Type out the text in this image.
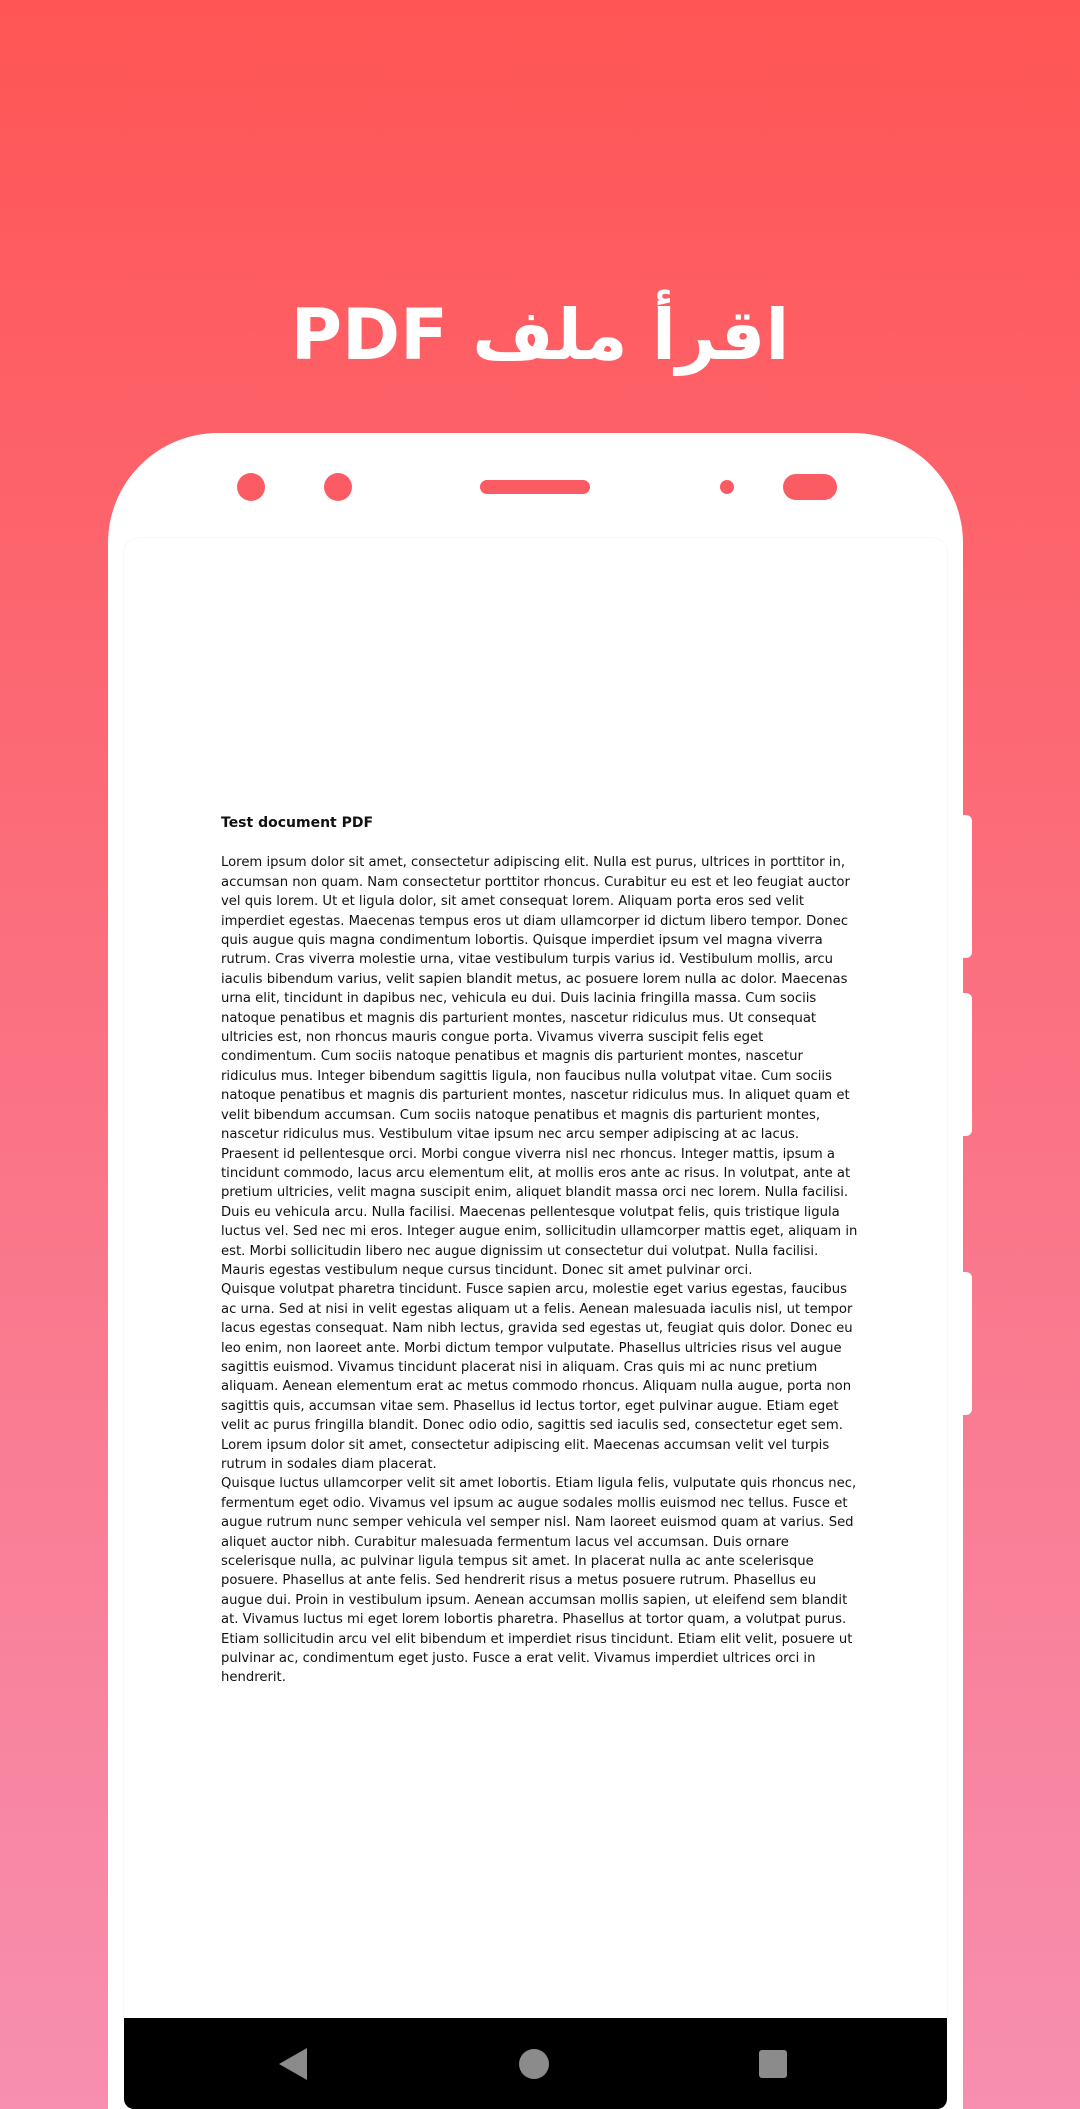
اقرأ ملف PDF
Test document PDF

Lorem ipsum dolor sit amet, consectetur adipiscing elit. Nulla est purus, ultrices in porttitor in, accumsan non quam. Nam consectetur porttitor rhoncus. Curabitur eu est et leo feugiat auctor vel quis lorem. Ut et ligula dolor, sit amet consequat lorem. Aliquam porta eros sed velit imperdiet egestas. Maecenas tempus eros ut diam ullamcorper id dictum libero tempor. Donec quis augue quis magna condimentum lobortis. Quisque imperdiet ipsum vel magna viverra rutrum. Cras viverra molestie urna, vitae vestibulum turpis varius id. Vestibulum mollis, arcu iaculis bibendum varius, velit sapien blandit metus, ac posuere lorem nulla ac dolor. Maecenas urna elit, tincidunt in dapibus nec, vehicula eu dui. Duis lacinia fringilla massa. Cum sociis natoque penatibus et magnis dis parturient montes, nascetur ridiculus mus. Ut consequat ultricies est, non rhoncus mauris congue porta. Vivamus viverra suscipit felis eget condimentum. Cum sociis natoque penatibus et magnis dis parturient montes, nascetur ridiculus mus. Integer bibendum sagittis ligula, non faucibus nulla volutpat vitae. Cum sociis natoque penatibus et magnis dis parturient montes, nascetur ridiculus mus. In aliquet quam et velit bibendum accumsan. Cum sociis natoque penatibus et magnis dis parturient montes, nascetur ridiculus mus. Vestibulum vitae ipsum nec arcu semper adipiscing at ac lacus. Praesent id pellentesque orci. Morbi congue viverra nisl nec rhoncus. Integer mattis, ipsum a tincidunt commodo, lacus arcu elementum elit, at mollis eros ante ac risus. In volutpat, ante at pretium ultricies, velit magna suscipit enim, aliquet blandit massa orci nec lorem. Nulla facilisi. Duis eu vehicula arcu. Nulla facilisi. Maecenas pellentesque volutpat felis, quis tristique ligula luctus vel. Sed nec mi eros. Integer augue enim, sollicitudin ullamcorper mattis eget, aliquam in est. Morbi sollicitudin libero nec augue dignissim ut consectetur dui volutpat. Nulla facilisi. Mauris egestas vestibulum neque cursus tincidunt. Donec sit amet pulvinar orci.

Quisque volutpat pharetra tincidunt. Fusce sapien arcu, molestie eget varius egestas, faucibus ac urna. Sed at nisi in velit egestas aliquam ut a felis. Aenean malesuada iaculis nisl, ut tempor lacus egestas consequat. Nam nibh lectus, gravida sed egestas ut, feugiat quis dolor. Donec eu leo enim, non laoreet ante. Morbi dictum tempor vulputate. Phasellus ultricies risus vel augue sagittis euismod. Vivamus tincidunt placerat nisi in aliquam. Cras quis mi ac nunc pretium aliquam. Aenean elementum erat ac metus commodo rhoncus. Aliquam nulla augue, porta non sagittis quis, accumsan vitae sem. Phasellus id lectus tortor, eget pulvinar augue. Etiam eget velit ac purus fringilla blandit. Donec odio odio, sagittis sed iaculis sed, consectetur eget sem. Lorem ipsum dolor sit amet, consectetur adipiscing elit. Maecenas accumsan velit vel turpis rutrum in sodales diam placerat.

Quisque luctus ullamcorper velit sit amet lobortis. Etiam ligula felis, vulputate quis rhoncus nec, fermentum eget odio. Vivamus vel ipsum ac augue sodales mollis euismod nec tellus. Fusce et augue rutrum nunc semper vehicula vel semper nisl. Nam laoreet euismod quam at varius. Sed aliquet auctor nibh. Curabitur malesuada fermentum lacus vel accumsan. Duis ornare scelerisque nulla, ac pulvinar ligula tempus sit amet. In placerat nulla ac ante scelerisque posuere. Phasellus at ante felis. Sed hendrerit risus a metus posuere rutrum. Phasellus eu augue dui. Proin in vestibulum ipsum. Aenean accumsan mollis sapien, ut eleifend sem blandit at. Vivamus luctus mi eget lorem lobortis pharetra. Phasellus at tortor quam, a volutpat purus. Etiam sollicitudin arcu vel elit bibendum et imperdiet risus tincidunt. Etiam elit velit, posuere ut pulvinar ac, condimentum eget justo. Fusce a erat velit. Vivamus imperdiet ultrices orci in hendrerit.
